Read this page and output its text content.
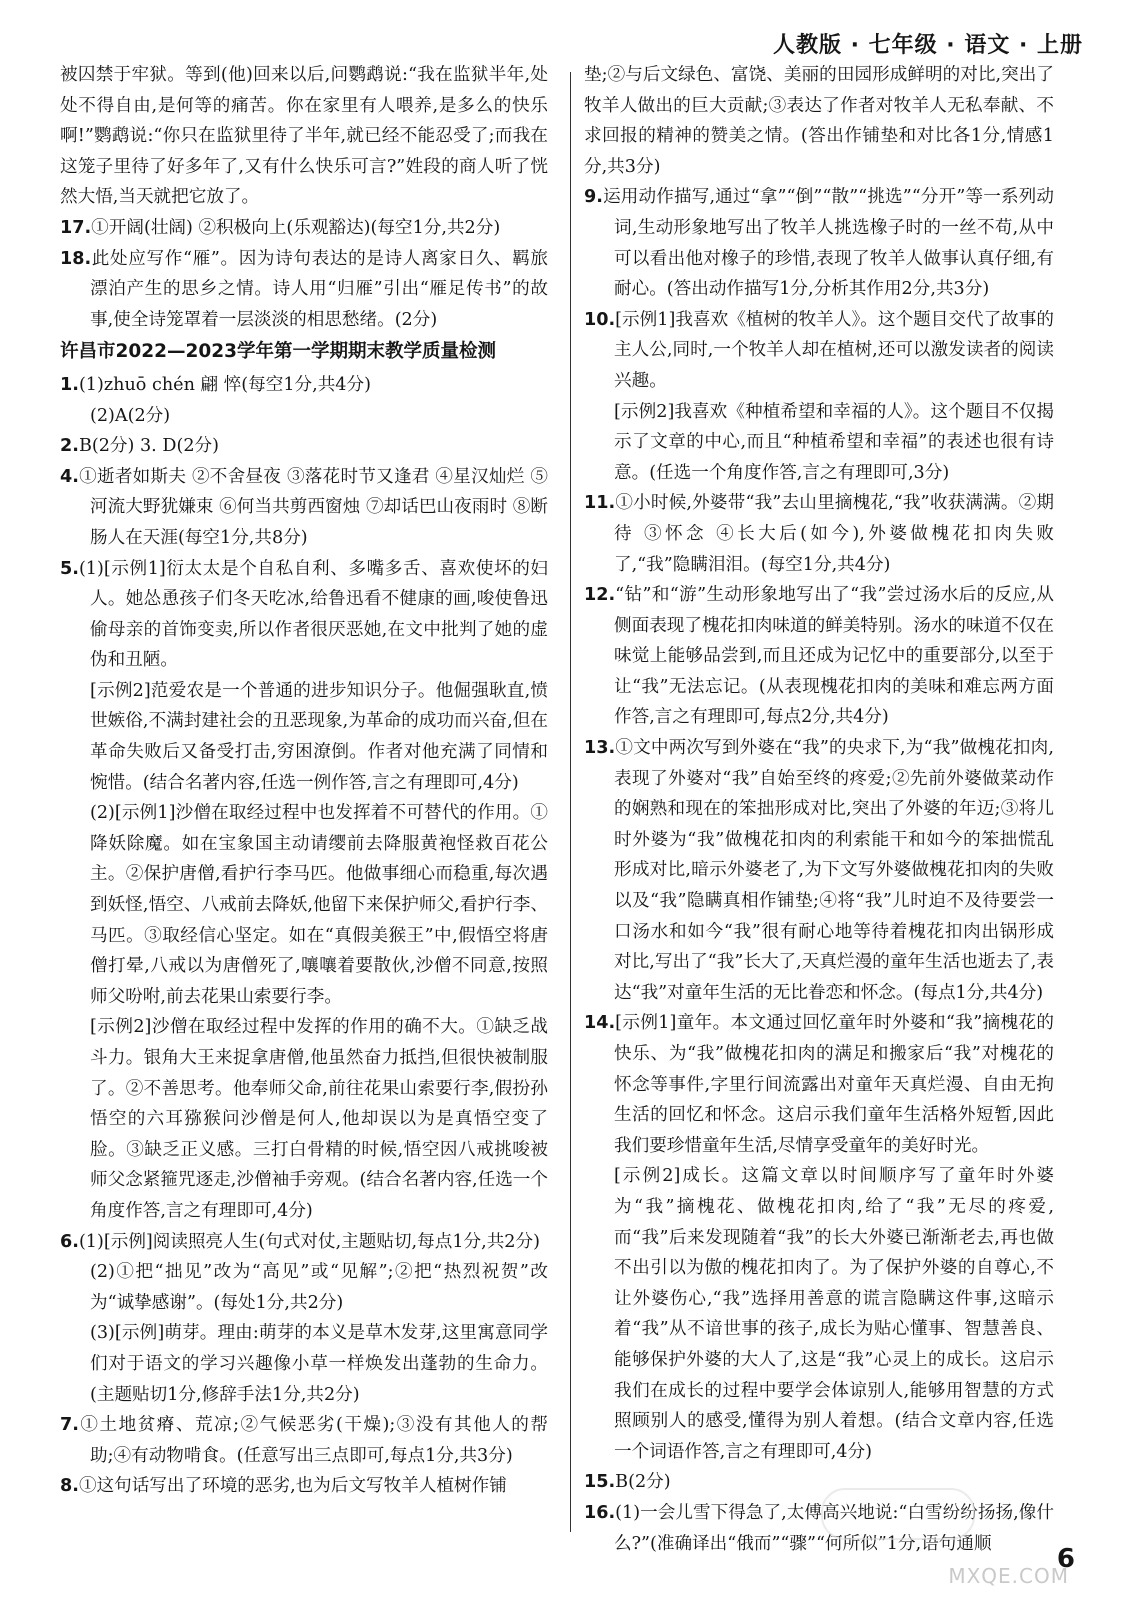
人教版 · 七年级 · 语文 · 上册

被囚禁于牢狱。等到(他)回来以后,问鹦鹉说:“我在监狱半年,处处不得自由,是何等的痛苦。你在家里有人喂养,是多么的快乐啊!”鹦鹉说:“你只在监狱里待了半年,就已经不能忍受了;而我在这笼子里待了好多年了,又有什么快乐可言?”姓段的商人听了恍然大悟,当天就把它放了。

17.①开阔(壮阔) ②积极向上(乐观豁达)(每空1分,共2分)

18.此处应写作“雁”。因为诗句表达的是诗人离家日久、羁旅漂泊产生的思乡之情。诗人用“归雁”引出“雁足传书”的故事,使全诗笼罩着一层淡淡的相思愁绪。(2分)

许昌市2022—2023学年第一学期期末教学质量检测

1.(1)zhuō chén 翩 悴(每空1分,共4分)

(2)A(2分)

2.B(2分) 3. D(2分)

4.①逝者如斯夫 ②不舍昼夜 ③落花时节又逢君 ④星汉灿烂 ⑤河流大野犹嫌束 ⑥何当共剪西窗烛 ⑦却话巴山夜雨时 ⑧断肠人在天涯(每空1分,共8分)

5.(1)[示例1]衍太太是个自私自利、多嘴多舌、喜欢使坏的妇人。她怂恿孩子们冬天吃冰,给鲁迅看不健康的画,唆使鲁迅偷母亲的首饰变卖,所以作者很厌恶她,在文中批判了她的虚伪和丑陋。

[示例2]范爱农是一个普通的进步知识分子。他倔强耿直,愤世嫉俗,不满封建社会的丑恶现象,为革命的成功而兴奋,但在革命失败后又备受打击,穷困潦倒。作者对他充满了同情和惋惜。(结合名著内容,任选一例作答,言之有理即可,4分)

(2)[示例1]沙僧在取经过程中也发挥着不可替代的作用。①降妖除魔。如在宝象国主动请缨前去降服黄袍怪救百花公主。②保护唐僧,看护行李马匹。他做事细心而稳重,每次遇到妖怪,悟空、八戒前去降妖,他留下来保护师父,看护行李、马匹。③取经信心坚定。如在“真假美猴王”中,假悟空将唐僧打晕,八戒以为唐僧死了,嚷嚷着要散伙,沙僧不同意,按照师父吩咐,前去花果山索要行李。

[示例2]沙僧在取经过程中发挥的作用的确不大。①缺乏战斗力。银角大王来捉拿唐僧,他虽然奋力抵挡,但很快被制服了。②不善思考。他奉师父命,前往花果山索要行李,假扮孙悟空的六耳猕猴问沙僧是何人,他却误以为是真悟空变了脸。③缺乏正义感。三打白骨精的时候,悟空因八戒挑唆被师父念紧箍咒逐走,沙僧袖手旁观。(结合名著内容,任选一个角度作答,言之有理即可,4分)

6.(1)[示例]阅读照亮人生(句式对仗,主题贴切,每点1分,共2分)

(2)①把“拙见”改为“高见”或“见解”;②把“热烈祝贺”改为“诚挚感谢”。(每处1分,共2分)

(3)[示例]萌芽。理由:萌芽的本义是草木发芽,这里寓意同学们对于语文的学习兴趣像小草一样焕发出蓬勃的生命力。(主题贴切1分,修辞手法1分,共2分)

7.①土地贫瘠、荒凉;②气候恶劣(干燥);③没有其他人的帮助;④有动物啃食。(任意写出三点即可,每点1分,共3分)

8.①这句话写出了环境的恶劣,也为后文写牧羊人植树作铺

垫;②与后文绿色、富饶、美丽的田园形成鲜明的对比,突出了牧羊人做出的巨大贡献;③表达了作者对牧羊人无私奉献、不求回报的精神的赞美之情。(答出作铺垫和对比各1分,情感1分,共3分)

9.运用动作描写,通过“拿”“倒”“散”“挑选”“分开”等一系列动词,生动形象地写出了牧羊人挑选橡子时的一丝不苟,从中可以看出他对橡子的珍惜,表现了牧羊人做事认真仔细,有耐心。(答出动作描写1分,分析其作用2分,共3分)

10.[示例1]我喜欢《植树的牧羊人》。这个题目交代了故事的主人公,同时,一个牧羊人却在植树,还可以激发读者的阅读兴趣。

[示例2]我喜欢《种植希望和幸福的人》。这个题目不仅揭示了文章的中心,而且“种植希望和幸福”的表述也很有诗意。(任选一个角度作答,言之有理即可,3分)

11.①小时候,外婆带“我”去山里摘槐花,“我”收获满满。②期待 ③怀念 ④长大后(如今),外婆做槐花扣肉失败了,“我”隐瞒泪泪。(每空1分,共4分)

12.“钻”和“游”生动形象地写出了“我”尝过汤水后的反应,从侧面表现了槐花扣肉味道的鲜美特别。汤水的味道不仅在味觉上能够品尝到,而且还成为记忆中的重要部分,以至于让“我”无法忘记。(从表现槐花扣肉的美味和难忘两方面作答,言之有理即可,每点2分,共4分)

13.①文中两次写到外婆在“我”的央求下,为“我”做槐花扣肉,表现了外婆对“我”自始至终的疼爱;②先前外婆做菜动作的娴熟和现在的笨拙形成对比,突出了外婆的年迈;③将儿时外婆为“我”做槐花扣肉的利索能干和如今的笨拙慌乱形成对比,暗示外婆老了,为下文写外婆做槐花扣肉的失败以及“我”隐瞒真相作铺垫;④将“我”儿时迫不及待要尝一口汤水和如今“我”很有耐心地等待着槐花扣肉出锅形成对比,写出了“我”长大了,天真烂漫的童年生活也逝去了,表达“我”对童年生活的无比眷恋和怀念。(每点1分,共4分)

14.[示例1]童年。本文通过回忆童年时外婆和“我”摘槐花的快乐、为“我”做槐花扣肉的满足和搬家后“我”对槐花的怀念等事件,字里行间流露出对童年天真烂漫、自由无拘生活的回忆和怀念。这启示我们童年生活格外短暂,因此我们要珍惜童年生活,尽情享受童年的美好时光。

[示例2]成长。这篇文章以时间顺序写了童年时外婆为“我”摘槐花、做槐花扣肉,给了“我”无尽的疼爱,而“我”后来发现随着“我”的长大外婆已渐渐老去,再也做不出引以为傲的槐花扣肉了。为了保护外婆的自尊心,不让外婆伤心,“我”选择用善意的谎言隐瞒这件事,这暗示着“我”从不谙世事的孩子,成长为贴心懂事、智慧善良、能够保护外婆的大人了,这是“我”心灵上的成长。这启示我们在成长的过程中要学会体谅别人,能够用智慧的方式照顾别人的感受,懂得为别人着想。(结合文章内容,任选一个词语作答,言之有理即可,4分)

15.B(2分)

16.(1)一会儿雪下得急了,太傅高兴地说:“白雪纷纷扬扬,像什么?”(准确译出“俄而”“骤”“何所似”1分,语句通顺

MXQE.COM
6
